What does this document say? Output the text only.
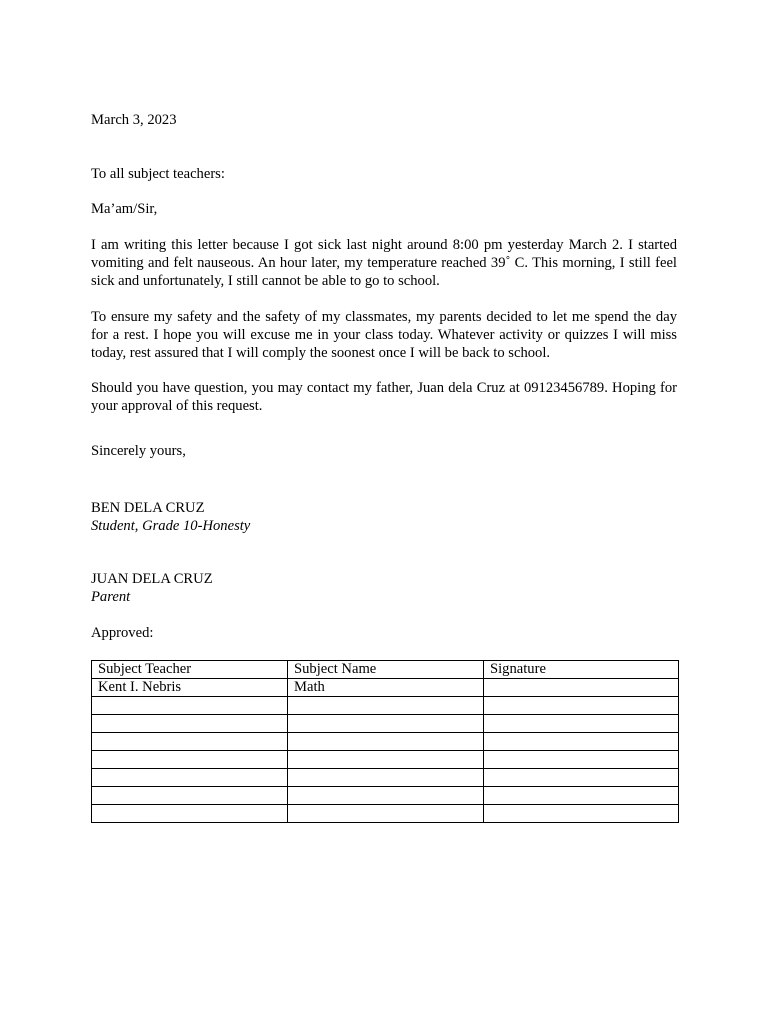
March 3, 2023
To all subject teachers:
Ma’am/Sir,
I am writing this letter because I got sick last night around 8:00 pm yesterday March 2. I started vomiting and felt nauseous. An hour later, my temperature reached 39˚ C. This morning, I still feel sick and unfortunately, I still cannot be able to go to school.
To ensure my safety and the safety of my classmates, my parents decided to let me spend the day for a rest. I hope you will excuse me in your class today. Whatever activity or quizzes I will miss today, rest assured that I will comply the soonest once I will be back to school.
Should you have question, you may contact my father, Juan dela Cruz at 09123456789. Hoping for your approval of this request.
Sincerely yours,
BEN DELA CRUZ
Student, Grade 10-Honesty
JUAN DELA CRUZ
Parent
Approved:
Subject Teacher	Subject Name	Signature
Kent I. Nebris	Math	
